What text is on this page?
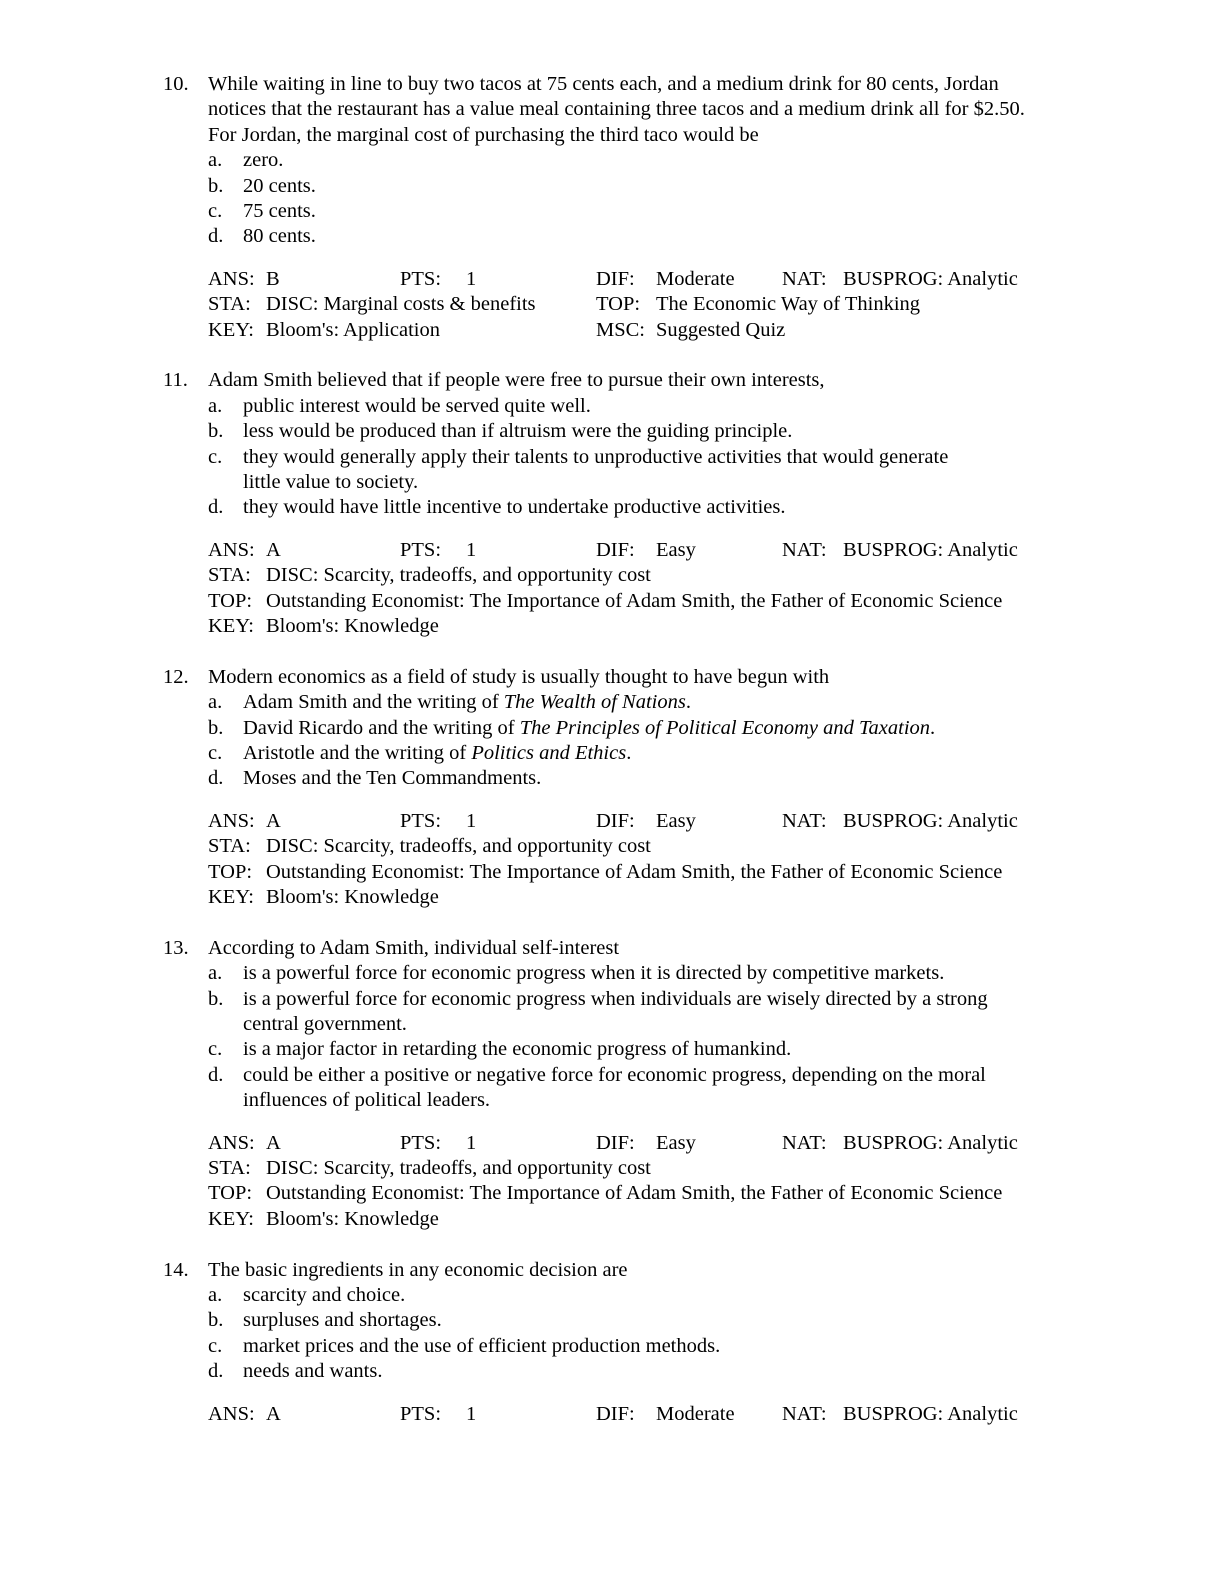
10. While waiting in line to buy two tacos at 75 cents each, and a medium drink for 80 cents, Jordan
notices that the restaurant has a value meal containing three tacos and a medium drink all for $2.50.
For Jordan, the marginal cost of purchasing the third taco would be
a.	zero.
b. 20 cents.
c.	75 cents.
d. 80 cents.
ANS: B	PTS: 1	DIF: Moderate NAT: BUSPROG: Analytic
STA: DISC: Marginal costs & benefits	TOP: The Economic Way of Thinking
KEY: Bloom's: Application	MSC: Suggested Quiz
11. Adam Smith believed that if people were free to pursue their own interests,
a.	public interest would be served quite well.
b. less would be produced than if altruism were the guiding principle.
c.	they would generally apply their talents to unproductive activities that would generate
little value to society.
d. they would have little incentive to undertake productive activities.
ANS: A	PTS: 1	DIF: Easy	NAT: BUSPROG: Analytic
STA: DISC: Scarcity, tradeoffs, and opportunity cost
TOP: Outstanding Economist: The Importance of Adam Smith, the Father of Economic Science
KEY: Bloom's: Knowledge
12. Modern economics as a field of study is usually thought to have begun with
a.	Adam Smith and the writing of The Wealth of Nations.
b. David Ricardo and the writing of The Principles of Political Economy and Taxation.
c.	Aristotle and the writing of Politics and Ethics.
d. Moses and the Ten Commandments.
ANS: A	PTS: 1	DIF: Easy	NAT: BUSPROG: Analytic
STA: DISC: Scarcity, tradeoffs, and opportunity cost
TOP: Outstanding Economist: The Importance of Adam Smith, the Father of Economic Science
KEY: Bloom's: Knowledge
13. According to Adam Smith, individual self-interest
a.	is a powerful force for economic progress when it is directed by competitive markets.
b. is a powerful force for economic progress when individuals are wisely directed by a strong
central government.
c.	is a major factor in retarding the economic progress of humankind.
d. could be either a positive or negative force for economic progress, depending on the moral
influences of political leaders.
ANS: A	PTS: 1	DIF: Easy	NAT: BUSPROG: Analytic
STA: DISC: Scarcity, tradeoffs, and opportunity cost
TOP: Outstanding Economist: The Importance of Adam Smith, the Father of Economic Science
KEY: Bloom's: Knowledge
14. The basic ingredients in any economic decision are
a.	scarcity and choice.
b. surpluses and shortages.
c.	market prices and the use of efficient production methods.
d. needs and wants.
ANS: A	PTS: 1	DIF: Moderate NAT: BUSPROG: Analytic
